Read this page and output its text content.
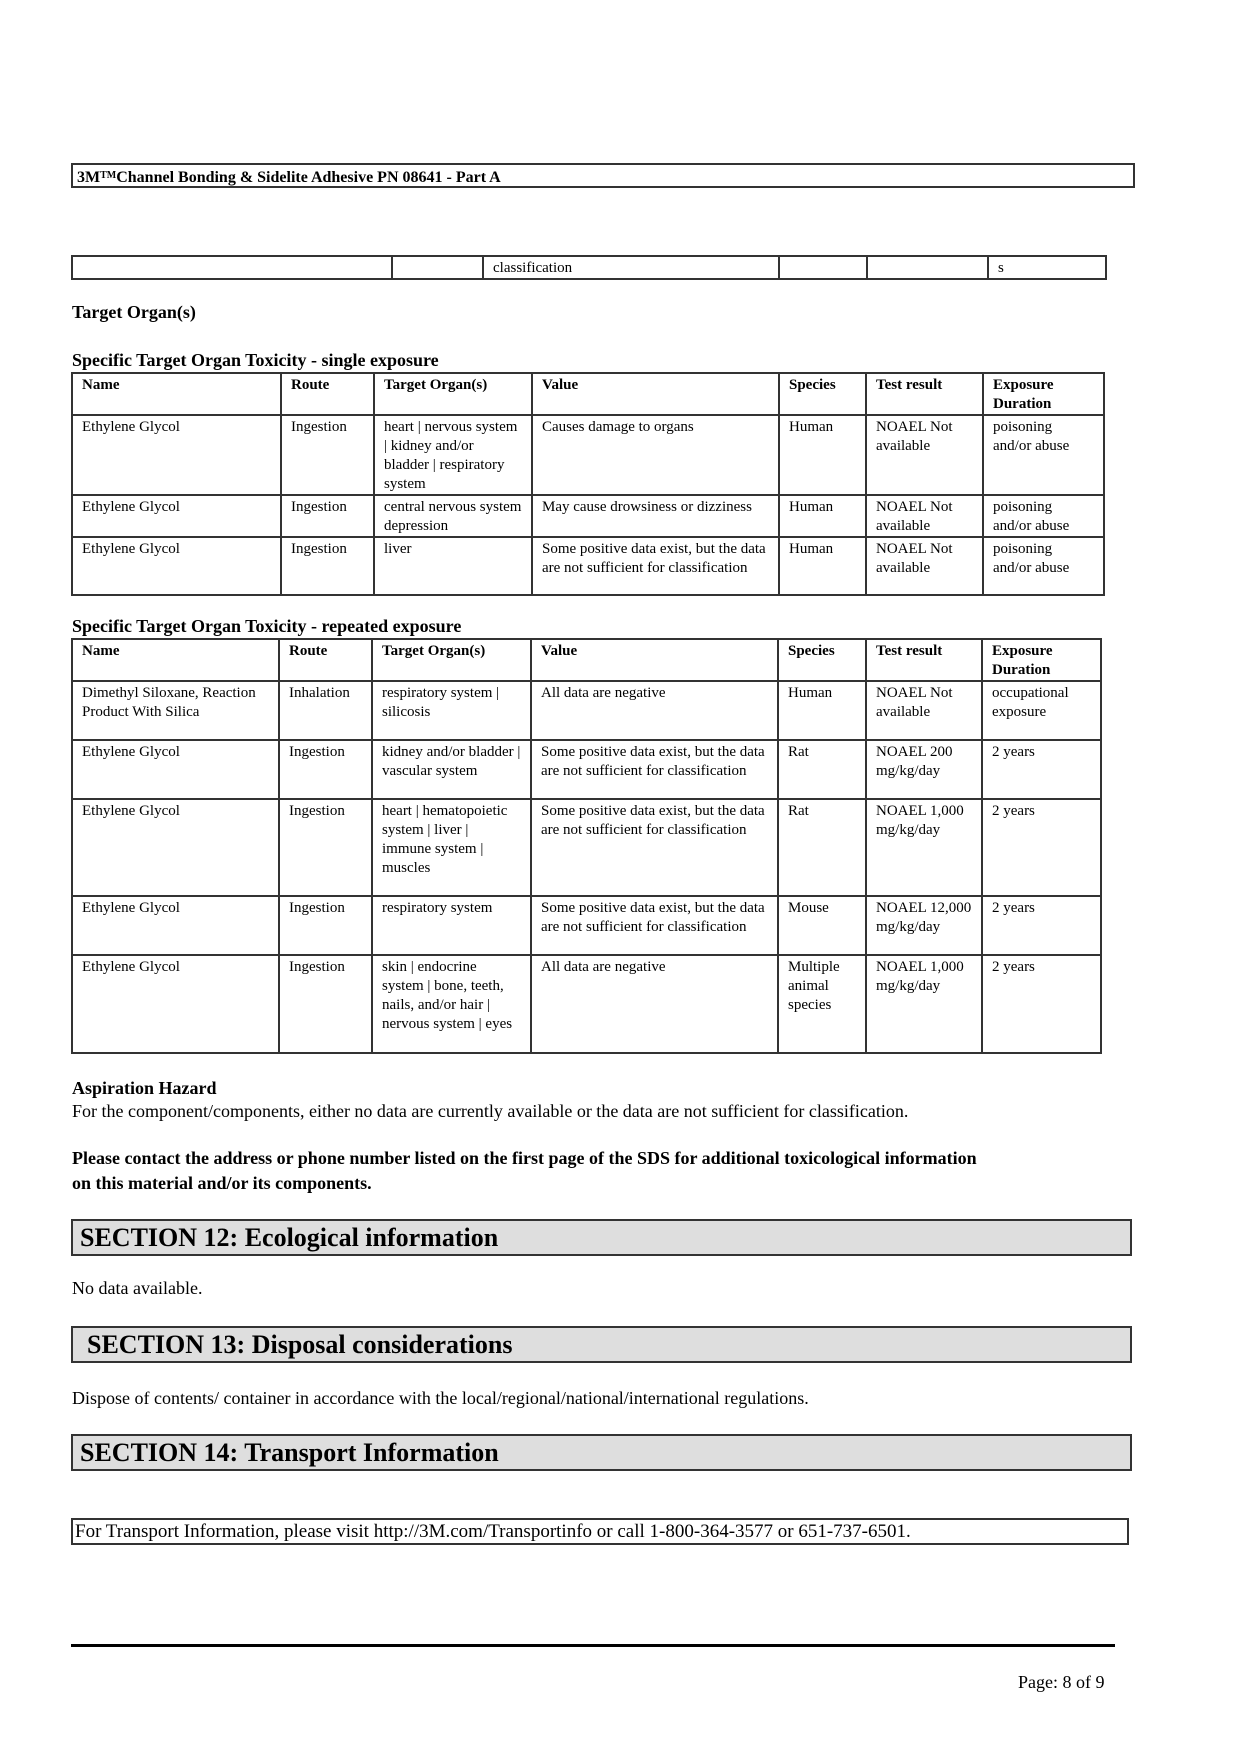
3M™Channel Bonding & Sidelite Adhesive PN 08641 - Part A
		classification			s
Target Organ(s)
Specific Target Organ Toxicity - single exposure
Name	Route	Target Organ(s)	Value	Species	Test result	Exposure Duration
Ethylene Glycol	Ingestion	heart | nervous system | kidney and/or bladder | respiratory system	Causes damage to organs	Human	NOAEL Not available	poisoning and/or abuse
Ethylene Glycol	Ingestion	central nervous system depression	May cause drowsiness or dizziness	Human	NOAEL Not available	poisoning and/or abuse
Ethylene Glycol	Ingestion	liver	Some positive data exist, but the data are not sufficient for classification	Human	NOAEL Not available	poisoning and/or abuse
Specific Target Organ Toxicity - repeated exposure
Name	Route	Target Organ(s)	Value	Species	Test result	Exposure Duration
Dimethyl Siloxane, Reaction Product With Silica	Inhalation	respiratory system | silicosis	All data are negative	Human	NOAEL Not available	occupational exposure
Ethylene Glycol	Ingestion	kidney and/or bladder | vascular system	Some positive data exist, but the data are not sufficient for classification	Rat	NOAEL 200 mg/kg/day	2 years
Ethylene Glycol	Ingestion	heart | hematopoietic system | liver | immune system | muscles	Some positive data exist, but the data are not sufficient for classification	Rat	NOAEL 1,000 mg/kg/day	2 years
Ethylene Glycol	Ingestion	respiratory system	Some positive data exist, but the data are not sufficient for classification	Mouse	NOAEL 12,000 mg/kg/day	2 years
Ethylene Glycol	Ingestion	skin | endocrine system | bone, teeth, nails, and/or hair | nervous system | eyes	All data are negative	Multiple animal species	NOAEL 1,000 mg/kg/day	2 years
Aspiration Hazard
For the component/components, either no data are currently available or the data are not sufficient for classification.
Please contact the address or phone number listed on the first page of the SDS for additional toxicological information
on this material and/or its components.
SECTION 12: Ecological information
No data available.
SECTION 13: Disposal considerations
Dispose of contents/ container in accordance with the local/regional/national/international regulations.
SECTION 14: Transport Information
For Transport Information, please visit http://3M.com/Transportinfo or call 1-800-364-3577 or 651-737-6501.
Page: 8 of 9
